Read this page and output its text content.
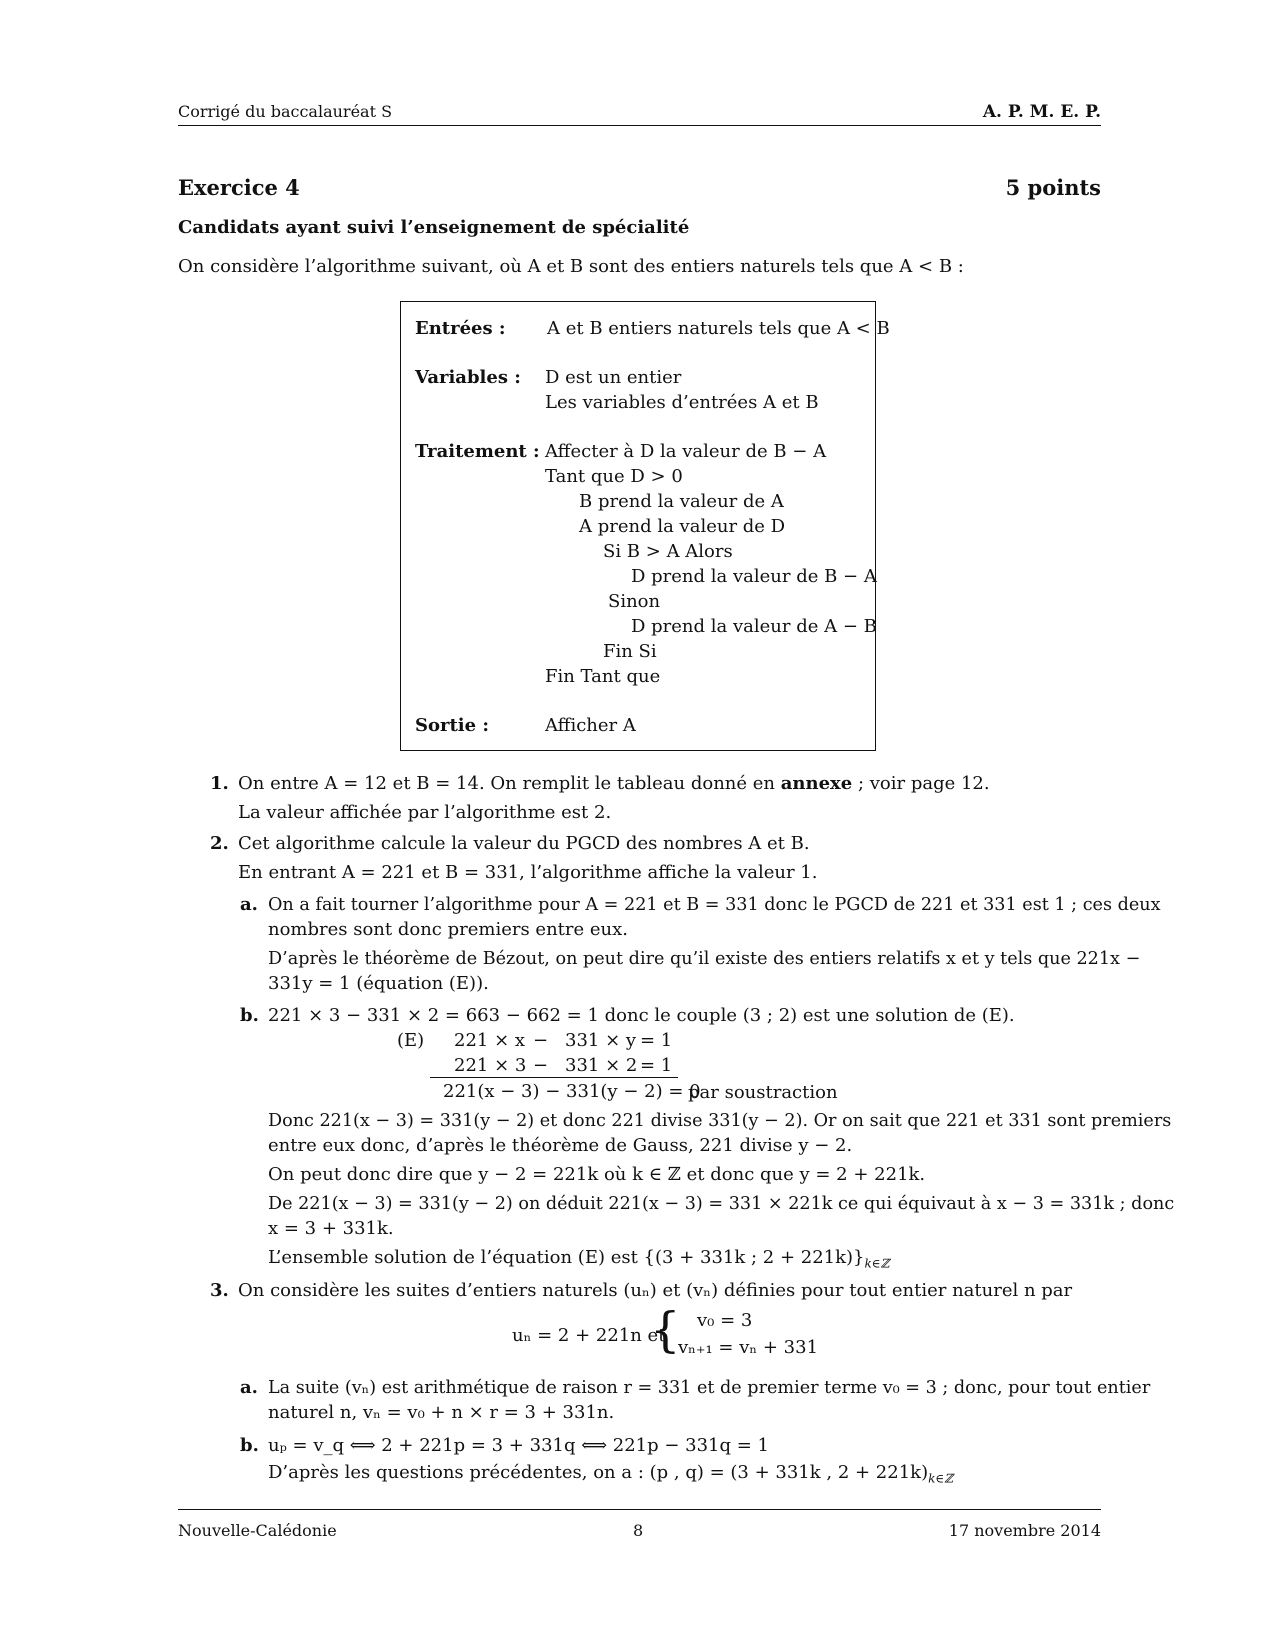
Corrigé du baccalauréat S	A. P. M. E. P.
Exercice 4	5 points
Candidats ayant suivi l’enseignement de spécialité
On considère l’algorithme suivant, où A et B sont des entiers naturels tels que A < B :
Entrées : A et B entiers naturels tels que A < B
Variables : D est un entier
Les variables d’entrées A et B
Traitement : Affecter à D la valeur de B − A
Tant que D > 0
B prend la valeur de A
A prend la valeur de D
Si B > A Alors
D prend la valeur de B − A
Sinon
D prend la valeur de A − B
Fin Si
Fin Tant que
Sortie :	Afficher A
1. On entre A = 12 et B = 14. On remplit le tableau donné en annexe ; voir page 12.
La valeur affichée par l’algorithme est 2.
2. Cet algorithme calcule la valeur du PGCD des nombres A et B.
En entrant A = 221 et B = 331, l’algorithme affiche la valeur 1.
a. On a fait tourner l’algorithme pour A = 221 et B = 331 donc le PGCD de 221 et 331 est 1 ; ces deux
nombres sont donc premiers entre eux.
D’après le théorème de Bézout, on peut dire qu’il existe des entiers relatifs x et y tels que 221x −
331y = 1 (équation (E)).
b. 221 × 3 − 331 × 2 = 663 − 662 = 1 donc le couple (3 ; 2) est une solution de (E).
(E) 221 × x − 331 × y = 1
221 × 3 − 331 × 2 = 1
221(x − 3) − 331(y − 2) = 0
par soustraction
Donc 221(x − 3) = 331(y − 2) et donc 221 divise 331(y − 2). Or on sait que 221 et 331 sont premiers
entre eux donc, d’après le théorème de Gauss, 221 divise y − 2.
On peut donc dire que y − 2 = 221k où k ∈ ℤ et donc que y = 2 + 221k.
De 221(x − 3) = 331(y − 2) on déduit 221(x − 3) = 331 × 221k ce qui équivaut à x − 3 = 331k ; donc
x = 3 + 331k.
L’ensemble solution de l’équation (E) est {(3 + 331k ; $2 + 221k)\}_{k\in ℤ}$
3. On considère les suites d’entiers naturels (uₙ) et (vₙ) définies pour tout entier naturel n par
uₙ = 2 + 221n et
{ v₀ = 3
vₙ₊₁ = vₙ + 331
a. La suite (vₙ) est arithmétique de raison r = 331 et de premier terme v₀ = 3 ; donc, pour tout entier
naturel n, vₙ = v₀ + n × r = 3 + 331n.
b. uₚ = v_q ⟺ 2 + 221p = 3 + 331q ⟺ 221p − 331q = 1
D’après les questions précédentes, on a : (p , q) = (3 + 331k , $2 + 221k)_{k\in ℤ}$
Nouvelle-Calédonie	8	17 novembre 2014
